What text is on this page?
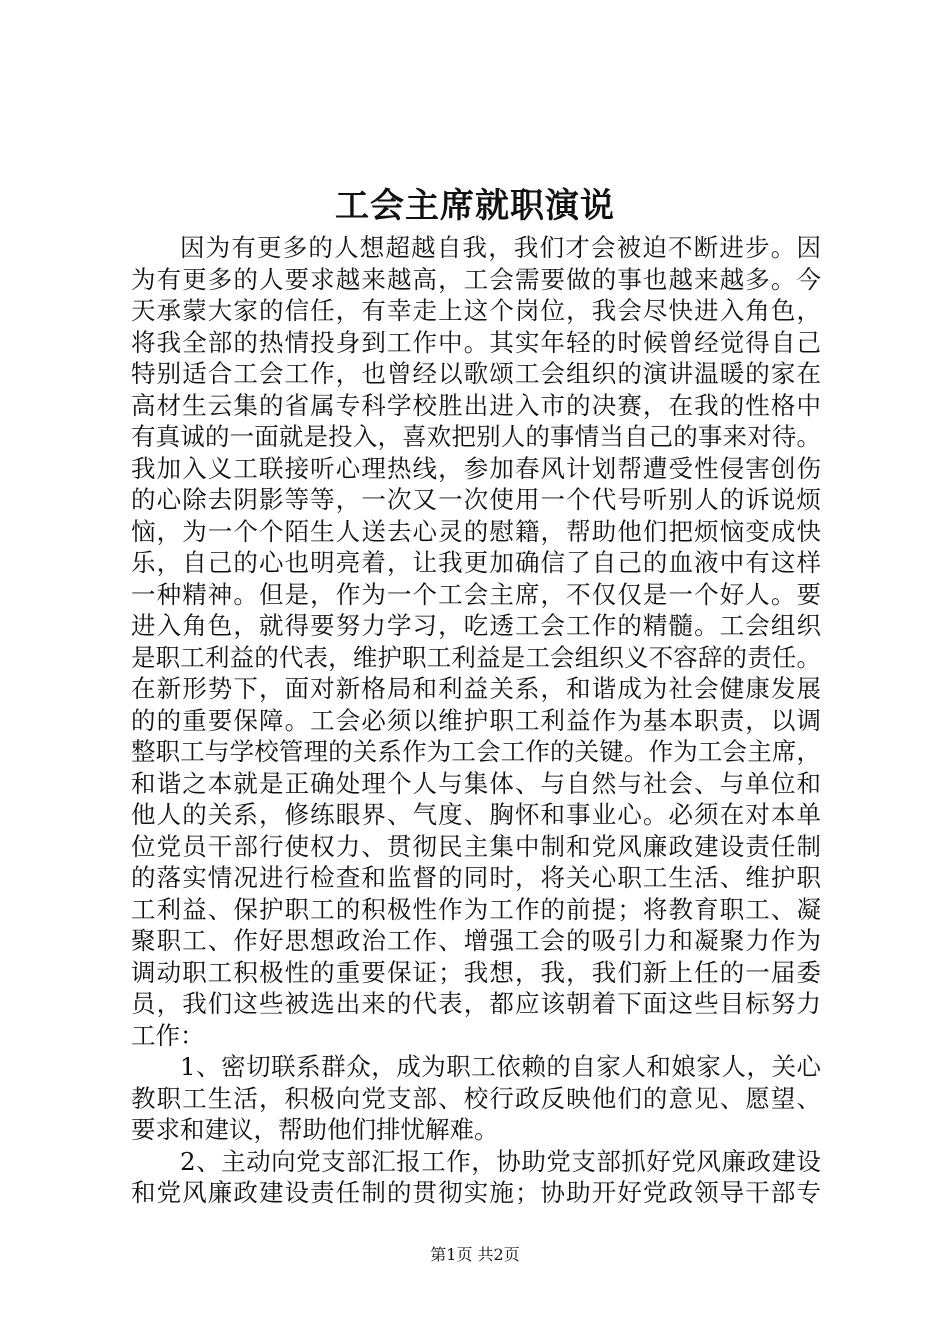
工会主席就职演说
因为有更多的人想超越自我，我们才会被迫不断进步。因
为有更多的人要求越来越高，工会需要做的事也越来越多。今
天承蒙大家的信任，有幸走上这个岗位，我会尽快进入角色，
将我全部的热情投身到工作中。其实年轻的时候曾经觉得自己
特别适合工会工作，也曾经以歌颂工会组织的演讲温暖的家在
高材生云集的省属专科学校胜出进入市的决赛，在我的性格中
有真诚的一面就是投入，喜欢把别人的事情当自己的事来对待。
我加入义工联接听心理热线，参加春风计划帮遭受性侵害创伤
的心除去阴影等等，一次又一次使用一个代号听别人的诉说烦
恼，为一个个陌生人送去心灵的慰籍，帮助他们把烦恼变成快
乐，自己的心也明亮着，让我更加确信了自己的血液中有这样
一种精神。但是，作为一个工会主席，不仅仅是一个好人。要
进入角色，就得要努力学习，吃透工会工作的精髓。工会组织
是职工利益的代表，维护职工利益是工会组织义不容辞的责任。
在新形势下，面对新格局和利益关系，和谐成为社会健康发展
的的重要保障。工会必须以维护职工利益作为基本职责，以调
整职工与学校管理的关系作为工会工作的关键。作为工会主席，
和谐之本就是正确处理个人与集体、与自然与社会、与单位和
他人的关系，修练眼界、气度、胸怀和事业心。必须在对本单
位党员干部行使权力、贯彻民主集中制和党风廉政建设责任制
的落实情况进行检查和监督的同时，将关心职工生活、维护职
工利益、保护职工的积极性作为工作的前提；将教育职工、凝
聚职工、作好思想政治工作、增强工会的吸引力和凝聚力作为
调动职工积极性的重要保证；我想，我，我们新上任的一届委
员，我们这些被选出来的代表，都应该朝着下面这些目标努力
工作：
1、密切联系群众，成为职工依赖的自家人和娘家人，关心
教职工生活，积极向党支部、校行政反映他们的意见、愿望、
要求和建议，帮助他们排忧解难。
2、主动向党支部汇报工作，协助党支部抓好党风廉政建设
和党风廉政建设责任制的贯彻实施；协助开好党政领导干部专
第1页 共2页
